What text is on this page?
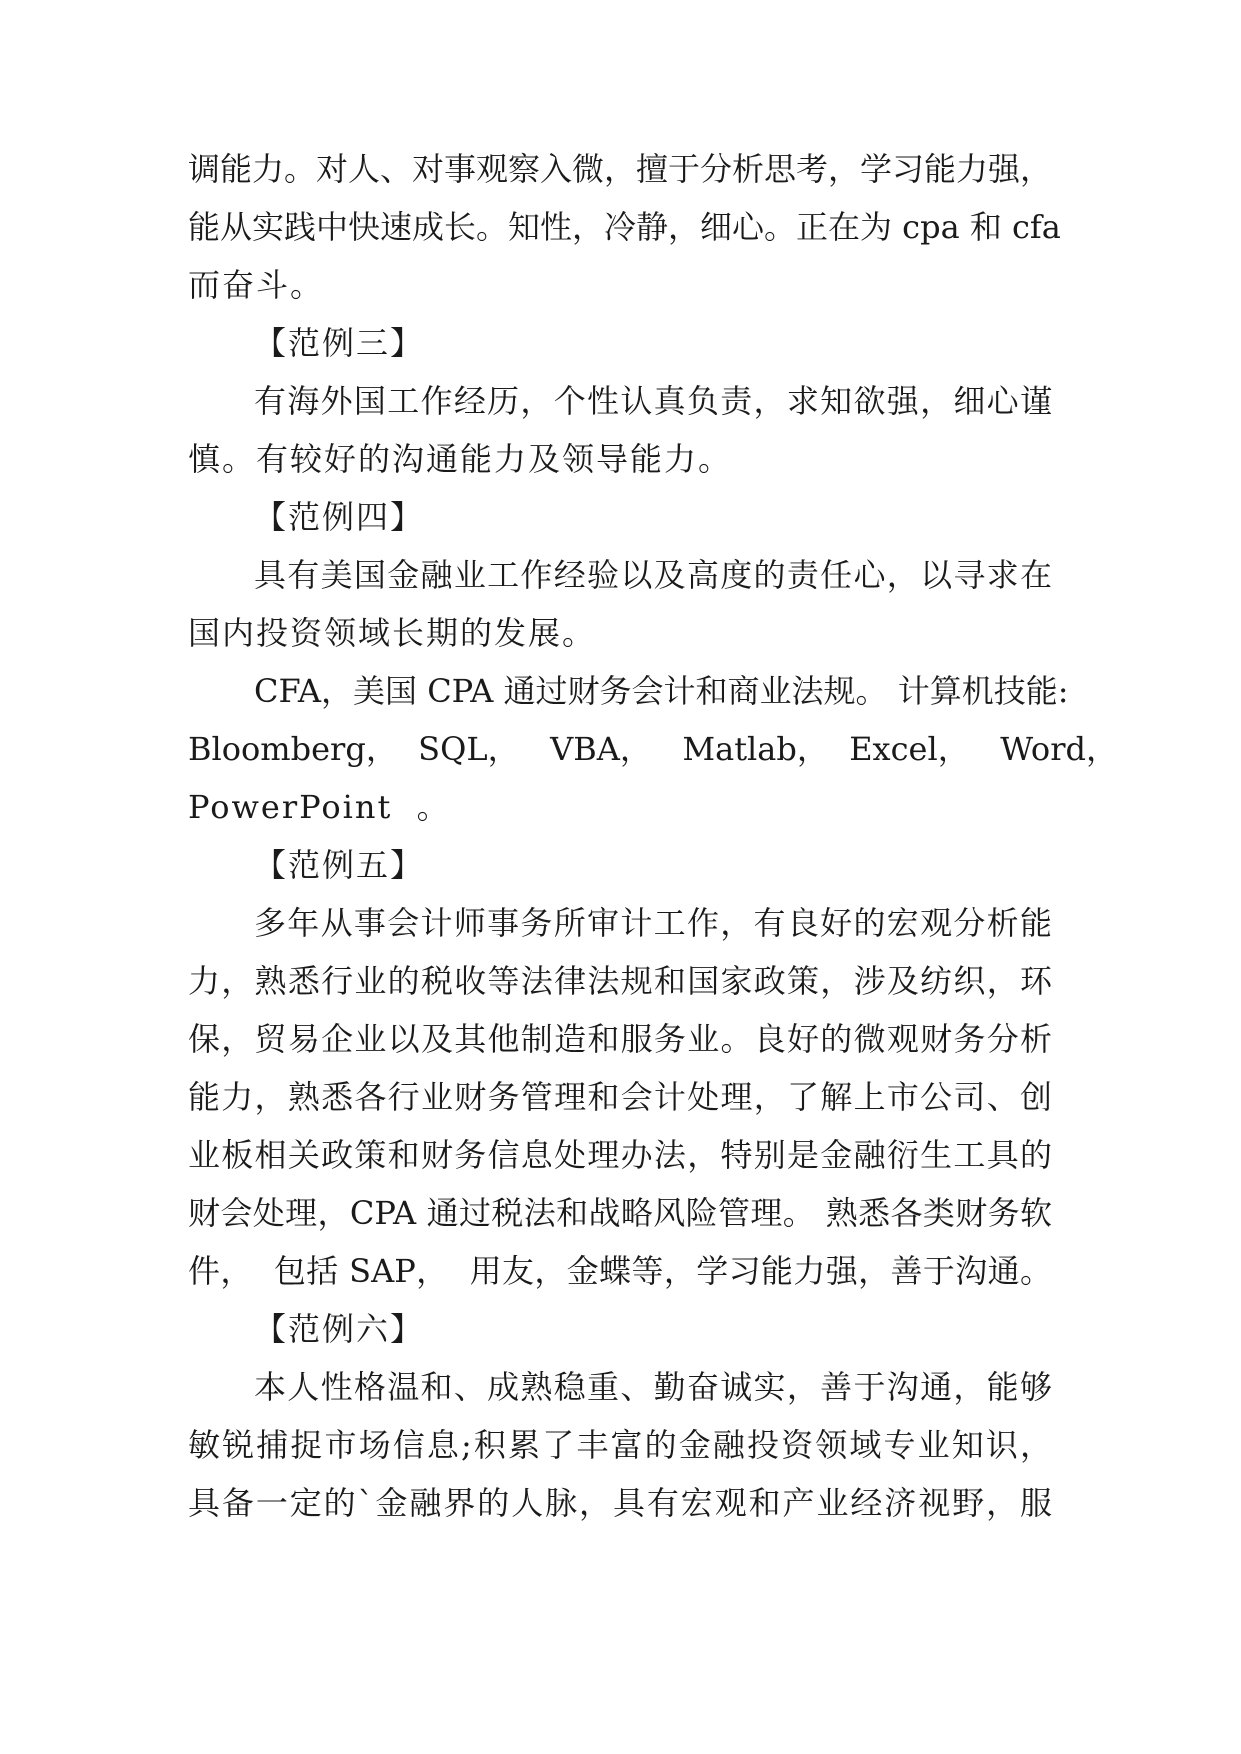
调能力。对人、对事观察入微，擅于分析思考，学习能力强，
能从实践中快速成长。知性，冷静，细心。正在为 cpa 和 cfa
而奋斗。
【范例三】
有海外国工作经历，个性认真负责，求知欲强，细心谨
慎。有较好的沟通能力及领导能力。
【范例四】
具有美国金融业工作经验以及高度的责任心，以寻求在
国内投资领域长期的发展。
CFA，美国 CPA 通过财务会计和商业法规。 计算机技能:
Bloomberg，  SQL，   VBA，   Matlab，  Excel，   Word，
PowerPoint  。
【范例五】
多年从事会计师事务所审计工作，有良好的宏观分析能
力，熟悉行业的税收等法律法规和国家政策，涉及纺织，环
保，贸易企业以及其他制造和服务业。良好的微观财务分析
能力，熟悉各行业财务管理和会计处理，了解上市公司、创
业板相关政策和财务信息处理办法，特别是金融衍生工具的
财会处理，CPA 通过税法和战略风险管理。 熟悉各类财务软
件，  包括 SAP，  用友，金蝶等，学习能力强，善于沟通。
【范例六】
本人性格温和、成熟稳重、勤奋诚实，善于沟通，能够
敏锐捕捉市场信息;积累了丰富的金融投资领域专业知识，
具备一定的`金融界的人脉，具有宏观和产业经济视野，服
